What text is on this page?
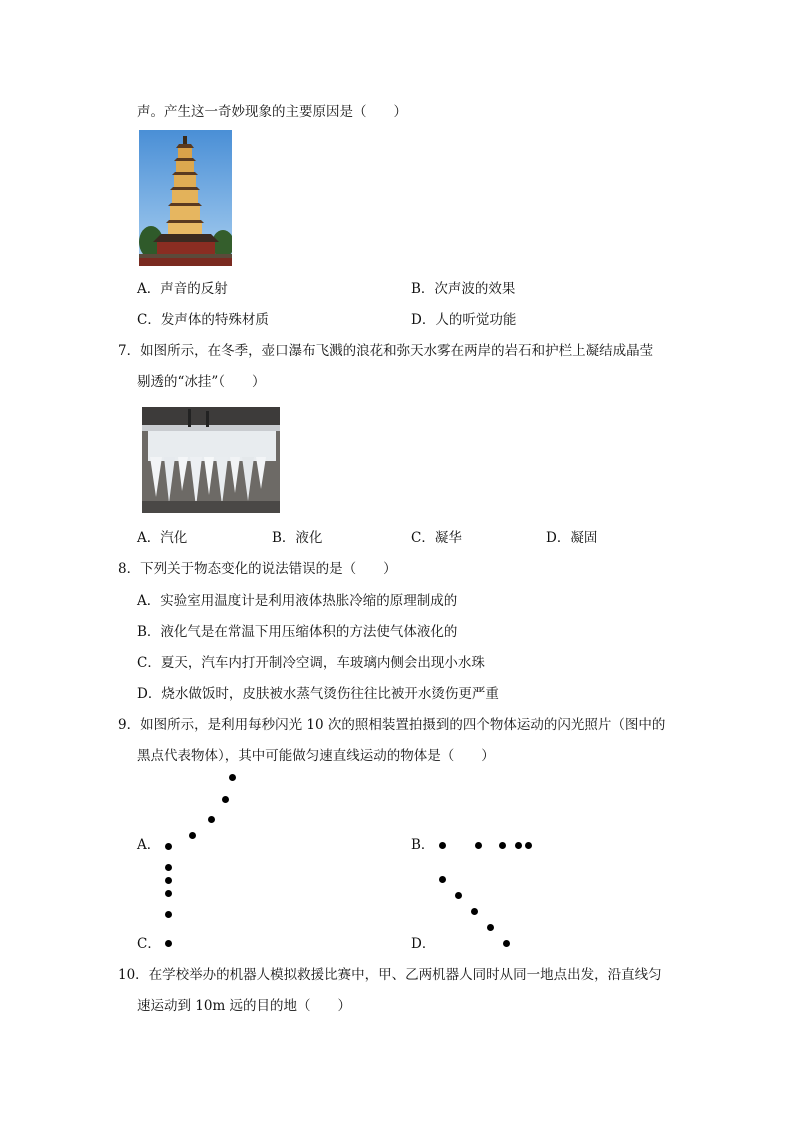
声。产生这一奇妙现象的主要原因是（　　）
A．声音的反射	B．次声波的效果
C．发声体的特殊材质	D．人的听觉功能
7．如图所示，在冬季，壶口瀑布飞溅的浪花和弥天水雾在两岸的岩石和护栏上凝结成晶莹
剔透的“冰挂”（　　）
A．汽化	B．液化	C．凝华	D．凝固
8．下列关于物态变化的说法错误的是（　　）
A．实验室用温度计是利用液体热胀冷缩的原理制成的
B．液化气是在常温下用压缩体积的方法使气体液化的
C．夏天，汽车内打开制冷空调，车玻璃内侧会出现小水珠
D．烧水做饭时，皮肤被水蒸气烫伤往往比被开水烫伤更严重
9．如图所示，是利用每秒闪光 10 次的照相装置拍摄到的四个物体运动的闪光照片（图中的
黑点代表物体），其中可能做匀速直线运动的物体是（　　）
A．	B．
C．	D．
10．在学校举办的机器人模拟救援比赛中，甲、乙两机器人同时从同一地点出发，沿直线匀
速运动到 10m 远的目的地（　　）
